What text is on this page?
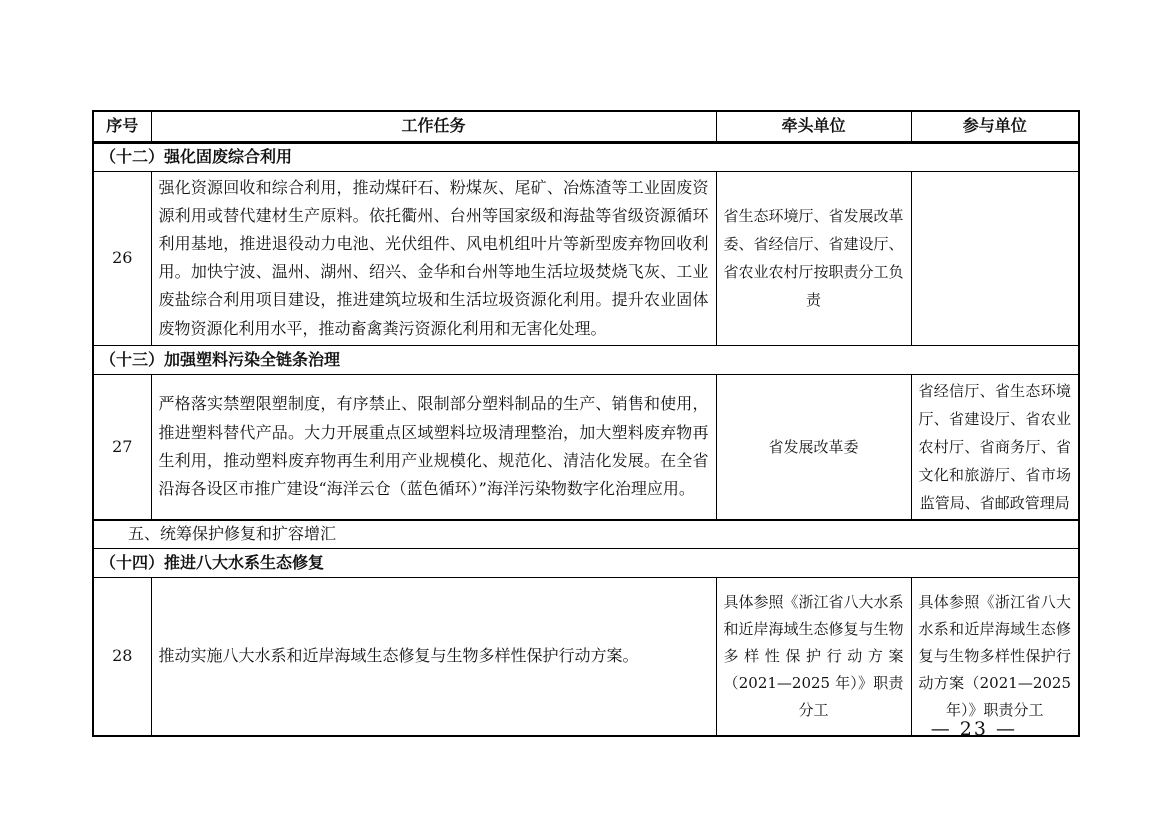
序号	工作任务	牵头单位	参与单位
（十二）强化固废综合利用			
26	强化资源回收和综合利用，推动煤矸石、粉煤灰、尾矿、冶炼渣等工业固废资源利用或替代建材生产原料。依托衢州、台州等国家级和海盐等省级资源循环利用基地，推进退役动力电池、光伏组件、风电机组叶片等新型废弃物回收利用。加快宁波、温州、湖州、绍兴、金华和台州等地生活垃圾焚烧飞灰、工业废盐综合利用项目建设，推进建筑垃圾和生活垃圾资源化利用。提升农业固体废物资源化利用水平，推动畜禽粪污资源化利用和无害化处理。	省生态环境厅、省发展改革委、省经信厅、省建设厅、省农业农村厅按职责分工负责	
（十三）加强塑料污染全链条治理			
27	严格落实禁塑限塑制度，有序禁止、限制部分塑料制品的生产、销售和使用，推进塑料替代产品。大力开展重点区域塑料垃圾清理整治，加大塑料废弃物再生利用，推动塑料废弃物再生利用产业规模化、规范化、清洁化发展。在全省沿海各设区市推广建设“海洋云仓（蓝色循环）”海洋污染物数字化治理应用。	省发展改革委	省经信厅、省生态环境厅、省建设厅、省农业农村厅、省商务厅、省文化和旅游厅、省市场监管局、省邮政管理局
五、统筹保护修复和扩容增汇			
（十四）推进八大水系生态修复			
28	推动实施八大水系和近岸海域生态修复与生物多样性保护行动方案。	具体参照《浙江省八大水系和近岸海域生态修复与生物多样性保护行动方案（2021—2025 年）》职责分工	具体参照《浙江省八大水系和近岸海域生态修复与生物多样性保护行动方案（2021—2025 年）》职责分工
— 23 —
